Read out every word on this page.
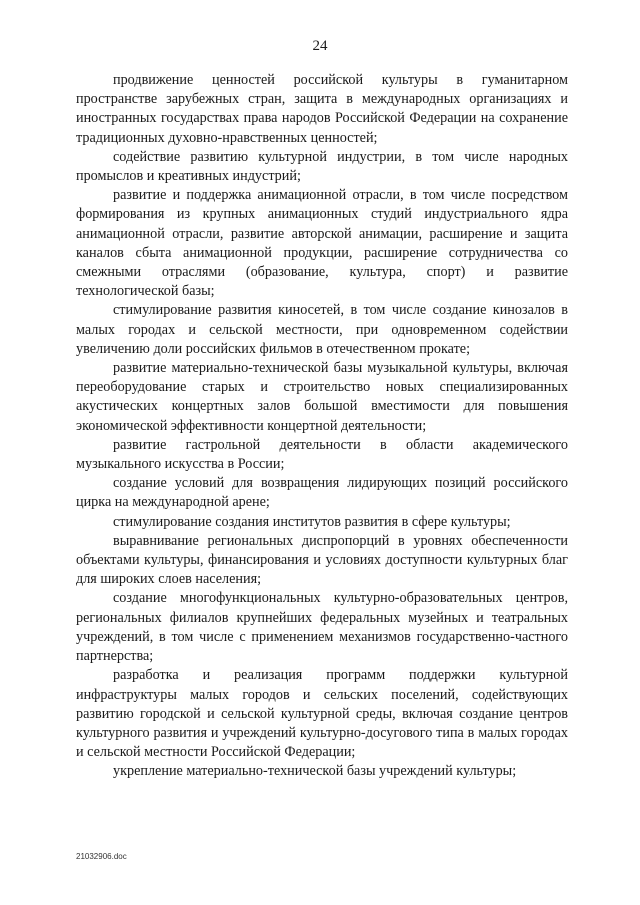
24

продвижение ценностей российской культуры в гуманитарном пространстве зарубежных стран, защита в международных организациях и иностранных государствах права народов Российской Федерации на сохранение традиционных духовно-нравственных ценностей;

содействие развитию культурной индустрии, в том числе народных промыслов и креативных индустрий;

развитие и поддержка анимационной отрасли, в том числе посредством формирования из крупных анимационных студий индустриального ядра анимационной отрасли, развитие авторской анимации, расширение и защита каналов сбыта анимационной продукции, расширение сотрудничества со смежными отраслями (образование, культура, спорт) и развитие технологической базы;

стимулирование развития киносетей, в том числе создание кинозалов в малых городах и сельской местности, при одновременном содействии увеличению доли российских фильмов в отечественном прокате;

развитие материально-технической базы музыкальной культуры, включая переоборудование старых и строительство новых специализированных акустических концертных залов большой вместимости для повышения экономической эффективности концертной деятельности;

развитие гастрольной деятельности в области академического музыкального искусства в России;

создание условий для возвращения лидирующих позиций российского цирка на международной арене;

стимулирование создания институтов развития в сфере культуры;

выравнивание региональных диспропорций в уровнях обеспеченности объектами культуры, финансирования и условиях доступности культурных благ для широких слоев населения;

создание многофункциональных культурно-образовательных центров, региональных филиалов крупнейших федеральных музейных и театральных учреждений, в том числе с применением механизмов государственно-частного партнерства;

разработка и реализация программ поддержки культурной инфраструктуры малых городов и сельских поселений, содействующих развитию городской и сельской культурной среды, включая создание центров культурного развития и учреждений культурно-досугового типа в малых городах и сельской местности Российской Федерации;

укрепление материально-технической базы учреждений культуры;

21032906.doc
